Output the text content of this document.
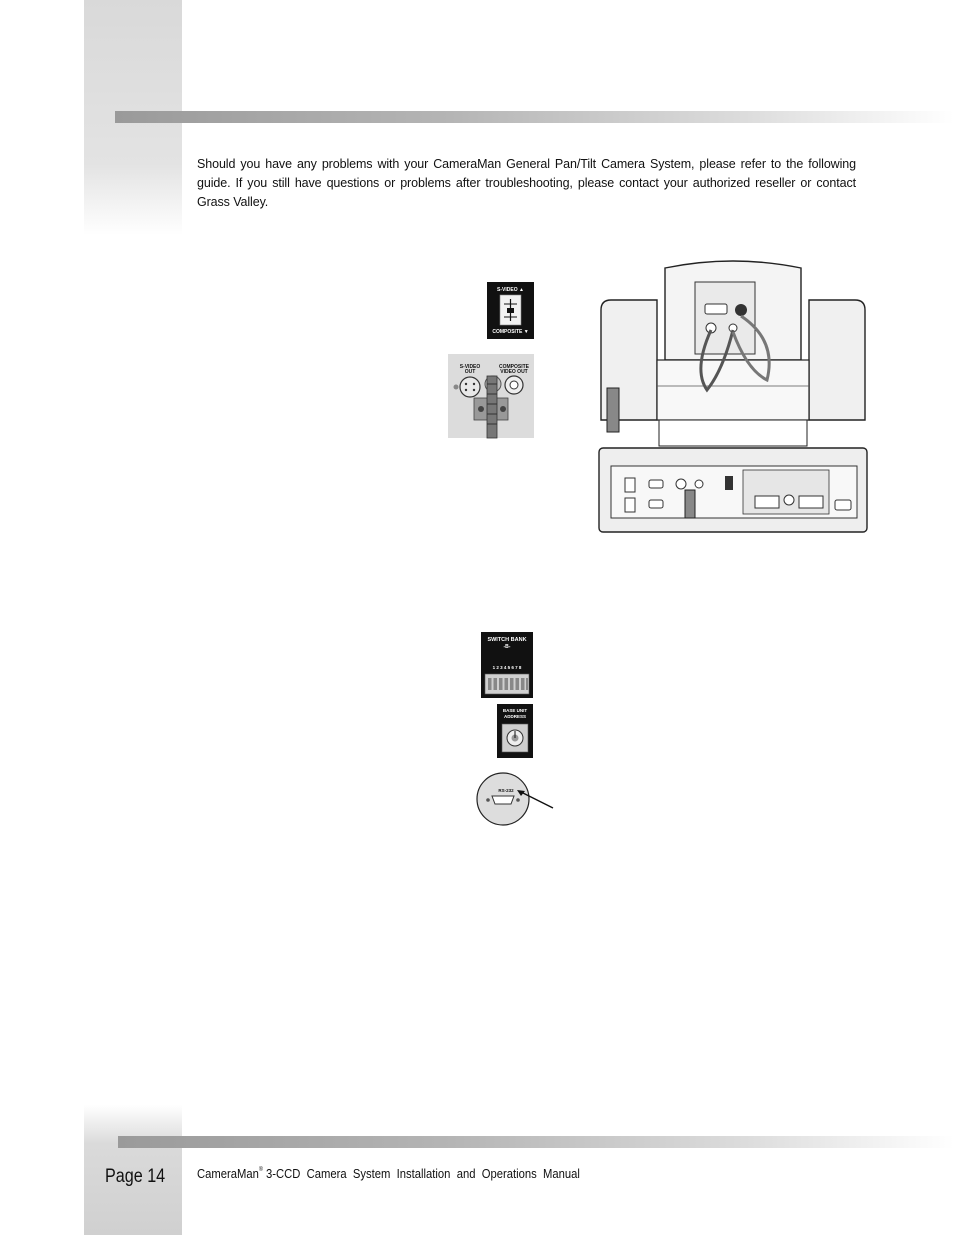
Should you have any problems with your CameraMan General Pan/Tilt Camera System, please refer to the following guide. If you still have questions or problems after troubleshooting, please contact your authorized reseller or contact Grass Valley.

S-VIDEO ▲
COMPOSITE ▼
S-VIDEO
OUT
COMPOSITE
VIDEO OUT
SWITCH BANK
-B-
1 2 3 4 5 6 7 8
BASE UNIT
ADDRESS
RS-232
Page 14	CameraMan® 3-CCD  Camera  System  Installation  and  Operations  Manual
